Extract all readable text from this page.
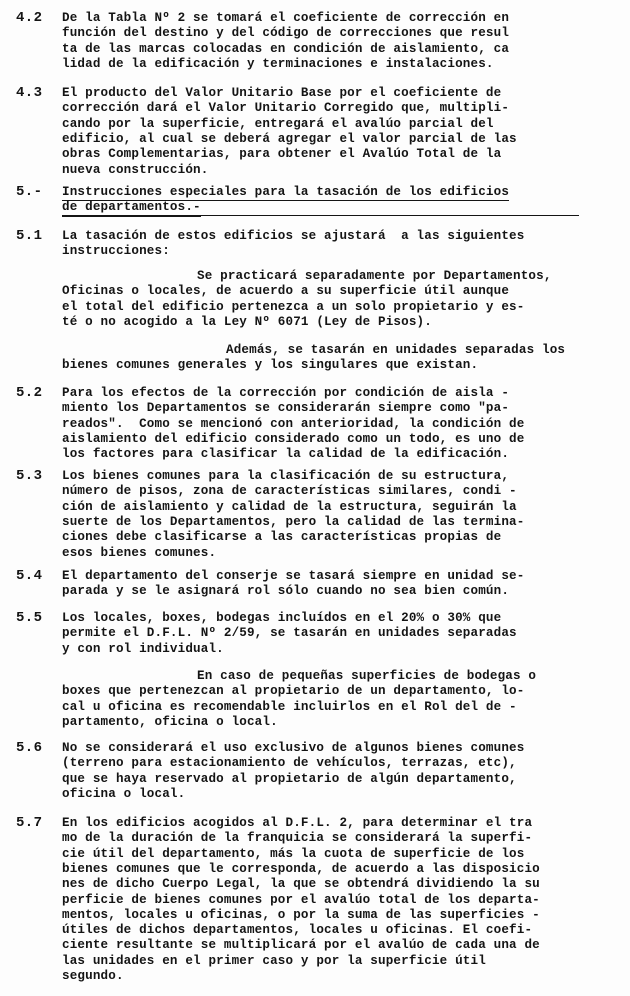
4.2 De la Tabla Nº 2 se tomará el coeficiente de corrección en
función del destino y del código de correcciones que resul
ta de las marcas colocadas en condición de aislamiento, ca
lidad de la edificación y terminaciones e instalaciones.
4.3 El producto del Valor Unitario Base por el coeficiente de
corrección dará el Valor Unitario Corregido que, multipli-
cando por la superficie, entregará el avalúo parcial del
edificio, al cual se deberá agregar el valor parcial de las
obras Complementarias, para obtener el Avalúo Total de la
nueva construcción.
5.- Instrucciones especiales para la tasación de los edificios
de departamentos.-
5.1 La tasación de estos edificios se ajustará  a las siguientes
instrucciones:
Se practicará separadamente por Departamentos,
Oficinas o locales, de acuerdo a su superficie útil aunque
el total del edificio pertenezca a un solo propietario y es-
té o no acogido a la Ley Nº 6071 (Ley de Pisos).
Además, se tasarán en unidades separadas los
bienes comunes generales y los singulares que existan.
5.2 Para los efectos de la corrección por condición de aisla -
miento los Departamentos se considerarán siempre como "pa-
reados".  Como se mencionó con anterioridad, la condición de
aislamiento del edificio considerado como un todo, es uno de
los factores para clasificar la calidad de la edificación.
5.3 Los bienes comunes para la clasificación de su estructura,
número de pisos, zona de características similares, condi -
ción de aislamiento y calidad de la estructura, seguirán la
suerte de los Departamentos, pero la calidad de las termina-
ciones debe clasificarse a las características propias de
esos bienes comunes.
5.4 El departamento del conserje se tasará siempre en unidad se-
parada y se le asignará rol sólo cuando no sea bien común.
5.5 Los locales, boxes, bodegas incluídos en el 20% o 30% que
permite el D.F.L. Nº 2/59, se tasarán en unidades separadas
y con rol individual.
En caso de pequeñas superficies de bodegas o
boxes que pertenezcan al propietario de un departamento, lo-
cal u oficina es recomendable incluirlos en el Rol del de -
partamento, oficina o local.
5.6 No se considerará el uso exclusivo de algunos bienes comunes
(terreno para estacionamiento de vehículos, terrazas, etc),
que se haya reservado al propietario de algún departamento,
oficina o local.
5.7 En los edificios acogidos al D.F.L. 2, para determinar el tra
mo de la duración de la franquicia se considerará la superfi-
cie útil del departamento, más la cuota de superficie de los
bienes comunes que le corresponda, de acuerdo a las disposicio
nes de dicho Cuerpo Legal, la que se obtendrá dividiendo la su
perficie de bienes comunes por el avalúo total de los departa-
mentos, locales u oficinas, o por la suma de las superficies -
útiles de dichos departamentos, locales u oficinas. El coefi-
ciente resultante se multiplicará por el avalúo de cada una de
las unidades en el primer caso y por la superficie útil
segundo.
